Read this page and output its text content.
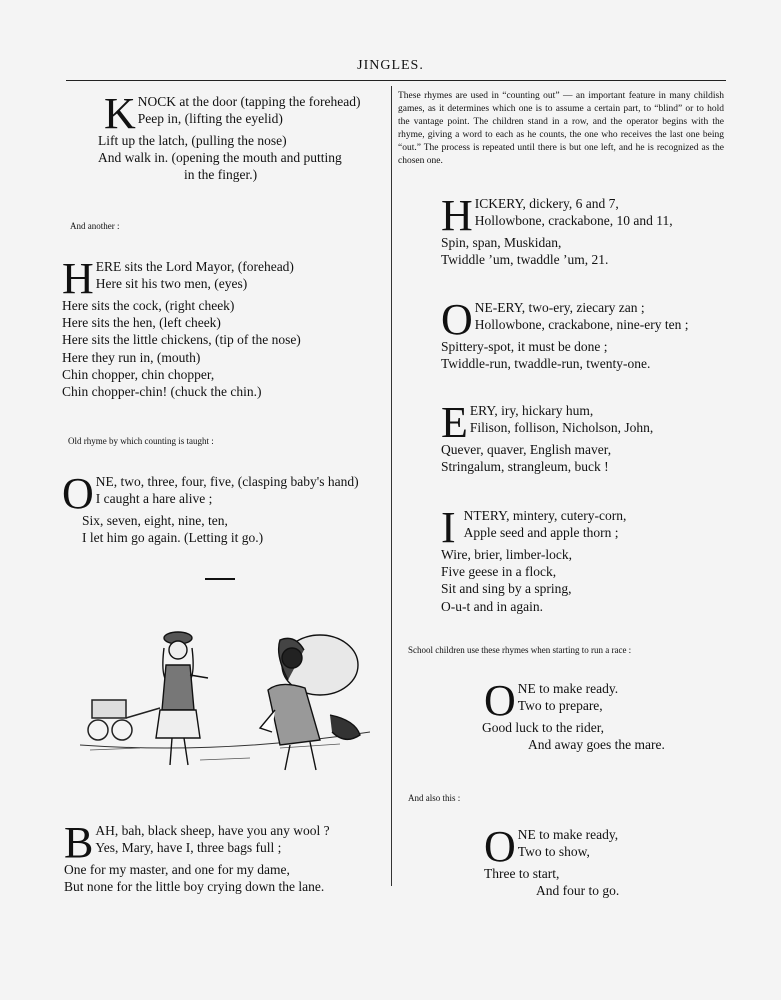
JINGLES.
K NOCK at the door (tapping the forehead)
Peep in, (lifting the eyelid)
Lift up the latch, (pulling the nose)
And walk in. (opening the mouth and putting
in the finger.)
And another :
H ERE sits the Lord Mayor, (forehead)
Here sit his two men, (eyes)
Here sits the cock, (right cheek)
Here sits the hen, (left cheek)
Here sits the little chickens, (tip of the nose)
Here they run in, (mouth)
Chin chopper, chin chopper,
Chin chopper-chin! (chuck the chin.)
Old rhyme by which counting is taught :
O NE, two, three, four, five, (clasping baby's hand)
I caught a hare alive ;
Six, seven, eight, nine, ten,
I let him go again. (Letting it go.)
B AH, bah, black sheep, have you any wool ?
Yes, Mary, have I, three bags full ;
One for my master, and one for my dame,
But none for the little boy crying down the lane.
These rhymes are used in “counting out” — an important feature in many childish games, as it determines which one is to assume a certain part, to “blind” or to hold the vantage point. The children stand in a row, and the operator begins with the rhyme, giving a word to each as he counts, the one who receives the last one being “out.” The process is repeated until there is but one left, and he is recognized as the chosen one.
H ICKERY, dickery, 6 and 7,
Hollowbone, crackabone, 10 and 11,
Spin, span, Muskidan,
Twiddle ’um, twaddle ’um, 21.
O NE-ERY, two-ery, ziecary zan ;
Hollowbone, crackabone, nine-ery ten ;
Spittery-spot, it must be done ;
Twiddle-run, twaddle-run, twenty-one.
E ERY, iry, hickary hum,
Filison, follison, Nicholson, John,
Quever, quaver, English maver,
Stringalum, strangleum, buck !
I NTERY, mintery, cutery-corn,
Apple seed and apple thorn ;
Wire, brier, limber-lock,
Five geese in a flock,
Sit and sing by a spring,
O-u-t and in again.
School children use these rhymes when starting to run a race :
O NE to make ready.
Two to prepare,
Good luck to the rider,
And away goes the mare.
And also this :
O NE to make ready,
Two to show,
Three to start,
And four to go.
